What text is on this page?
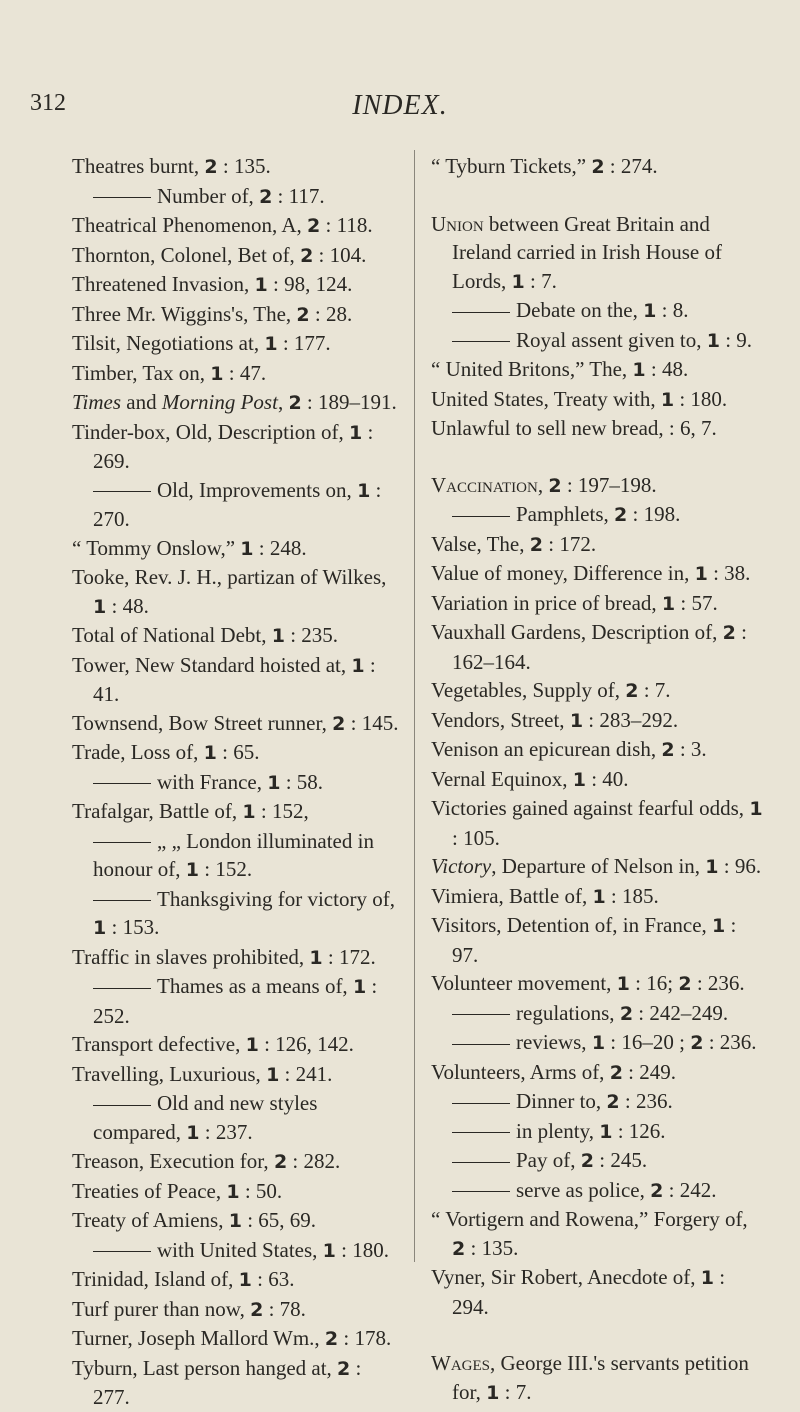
312	INDEX.
Theatres burnt, 2 : 135.
Number of, 2 : 117.
Theatrical Phenomenon, A, 2 : 118.
Thornton, Colonel, Bet of, 2 : 104.
Threatened Invasion, 1 : 98, 124.
Three Mr. Wiggins's, The, 2 : 28.
Tilsit, Negotiations at, 1 : 177.
Timber, Tax on, 1 : 47.
Times and Morning Post, 2 : 189–191.
Tinder-box, Old, Description of, 1 : 269.
Old, Improvements on, 1 : 270.
“ Tommy Onslow,” 1 : 248.
Tooke, Rev. J. H., partizan of Wilkes, 1 : 48.
Total of National Debt, 1 : 235.
Tower, New Standard hoisted at, 1 : 41.
Townsend, Bow Street runner, 2 : 145.
Trade, Loss of, 1 : 65.
with France, 1 : 58.
Trafalgar, Battle of, 1 : 152,
„ „ London illuminated in honour of, 1 : 152.
Thanksgiving for victory of, 1 : 153.
Traffic in slaves prohibited, 1 : 172.
Thames as a means of, 1 : 252.
Transport defective, 1 : 126, 142.
Travelling, Luxurious, 1 : 241.
Old and new styles compared, 1 : 237.
Treason, Execution for, 2 : 282.
Treaties of Peace, 1 : 50.
Treaty of Amiens, 1 : 65, 69.
with United States, 1 : 180.
Trinidad, Island of, 1 : 63.
Turf purer than now, 2 : 78.
Turner, Joseph Mallord Wm., 2 : 178.
Tyburn, Last person hanged at, 2 : 277.
“ Tyburn Tickets,” 2 : 274.
Union between Great Britain and Ireland carried in Irish House of Lords, 1 : 7.
Debate on the, 1 : 8.
Royal assent given to, 1 : 9.
“ United Britons,” The, 1 : 48.
United States, Treaty with, 1 : 180.
Unlawful to sell new bread, : 6, 7.
Vaccination, 2 : 197–198.
Pamphlets, 2 : 198.
Valse, The, 2 : 172.
Value of money, Difference in, 1 : 38.
Variation in price of bread, 1 : 57.
Vauxhall Gardens, Description of, 2 : 162–164.
Vegetables, Supply of, 2 : 7.
Vendors, Street, 1 : 283–292.
Venison an epicurean dish, 2 : 3.
Vernal Equinox, 1 : 40.
Victories gained against fearful odds, 1 : 105.
Victory, Departure of Nelson in, 1 : 96.
Vimiera, Battle of, 1 : 185.
Visitors, Detention of, in France, 1 : 97.
Volunteer movement, 1 : 16; 2 : 236.
regulations, 2 : 242–249.
reviews, 1 : 16–20 ; 2 : 236.
Volunteers, Arms of, 2 : 249.
Dinner to, 2 : 236.
in plenty, 1 : 126.
Pay of, 2 : 245.
serve as police, 2 : 242.
“ Vortigern and Rowena,” Forgery of, 2 : 135.
Vyner, Sir Robert, Anecdote of, 1 : 294.
Wages, George III.'s servants petition for, 1 : 7.
